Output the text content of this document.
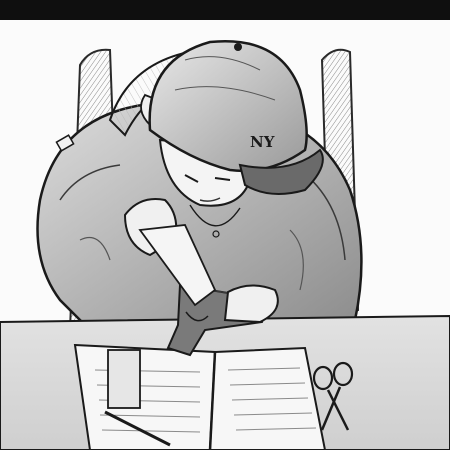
NY
